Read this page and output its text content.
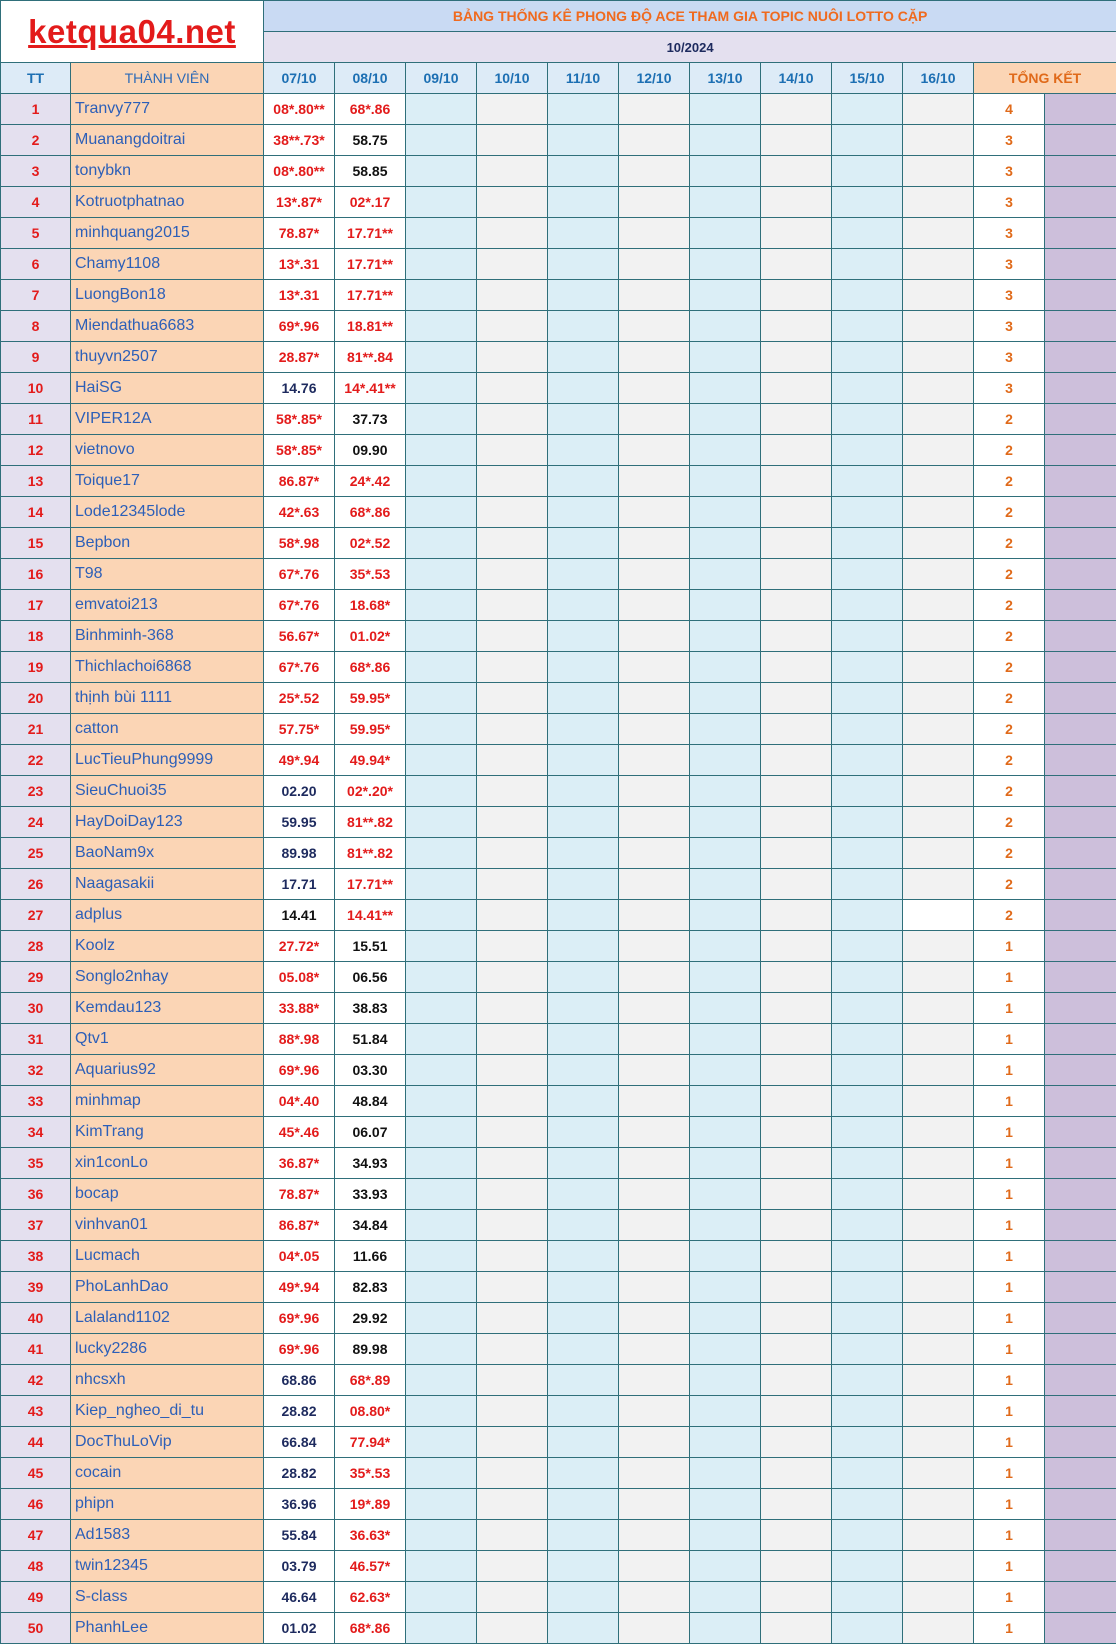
ketqua04.net		BẢNG THỐNG KÊ PHONG ĐỘ ACE THAM GIA TOPIC NUÔI LOTTO CẶP											
		10/2024											
TT	THÀNH VIÊN	07/10	08/10	09/10	10/10	11/10	12/10	13/10	14/10	15/10	16/10	TỔNG KẾT	
1	Tranvy777	08*.80**	68*.86									4	
2	Muanangdoitrai	38**.73*	58.75									3	
3	tonybkn	08*.80**	58.85									3	
4	Kotruotphatnao	13*.87*	02*.17									3	
5	minhquang2015	78.87*	17.71**									3	
6	Chamy1108	13*.31	17.71**									3	
7	LuongBon18	13*.31	17.71**									3	
8	Miendathua6683	69*.96	18.81**									3	
9	thuyvn2507	28.87*	81**.84									3	
10	HaiSG	14.76	14*.41**									3	
11	VIPER12A	58*.85*	37.73									2	
12	vietnovo	58*.85*	09.90									2	
13	Toique17	86.87*	24*.42									2	
14	Lode12345lode	42*.63	68*.86									2	
15	Bepbon	58*.98	02*.52									2	
16	T98	67*.76	35*.53									2	
17	emvatoi213	67*.76	18.68*									2	
18	Binhminh-368	56.67*	01.02*									2	
19	Thichlachoi6868	67*.76	68*.86									2	
20	thịnh bùi 1111	25*.52	59.95*									2	
21	catton	57.75*	59.95*									2	
22	LucTieuPhung9999	49*.94	49.94*									2	
23	SieuChuoi35	02.20	02*.20*									2	
24	HayDoiDay123	59.95	81**.82									2	
25	BaoNam9x	89.98	81**.82									2	
26	Naagasakii	17.71	17.71**									2	
27	adplus	14.41	14.41**									2	
28	Koolz	27.72*	15.51									1	
29	Songlo2nhay	05.08*	06.56									1	
30	Kemdau123	33.88*	38.83									1	
31	Qtv1	88*.98	51.84									1	
32	Aquarius92	69*.96	03.30									1	
33	minhmap	04*.40	48.84									1	
34	KimTrang	45*.46	06.07									1	
35	xin1conLo	36.87*	34.93									1	
36	bocap	78.87*	33.93									1	
37	vinhvan01	86.87*	34.84									1	
38	Lucmach	04*.05	11.66									1	
39	PhoLanhDao	49*.94	82.83									1	
40	Lalaland1102	69*.96	29.92									1	
41	lucky2286	69*.96	89.98									1	
42	nhcsxh	68.86	68*.89									1	
43	Kiep_ngheo_di_tu	28.82	08.80*									1	
44	DocThuLoVip	66.84	77.94*									1	
45	cocain	28.82	35*.53									1	
46	phipn	36.96	19*.89									1	
47	Ad1583	55.84	36.63*									1	
48	twin12345	03.79	46.57*									1	
49	S-class	46.64	62.63*									1	
50	PhanhLee	01.02	68*.86									1	
